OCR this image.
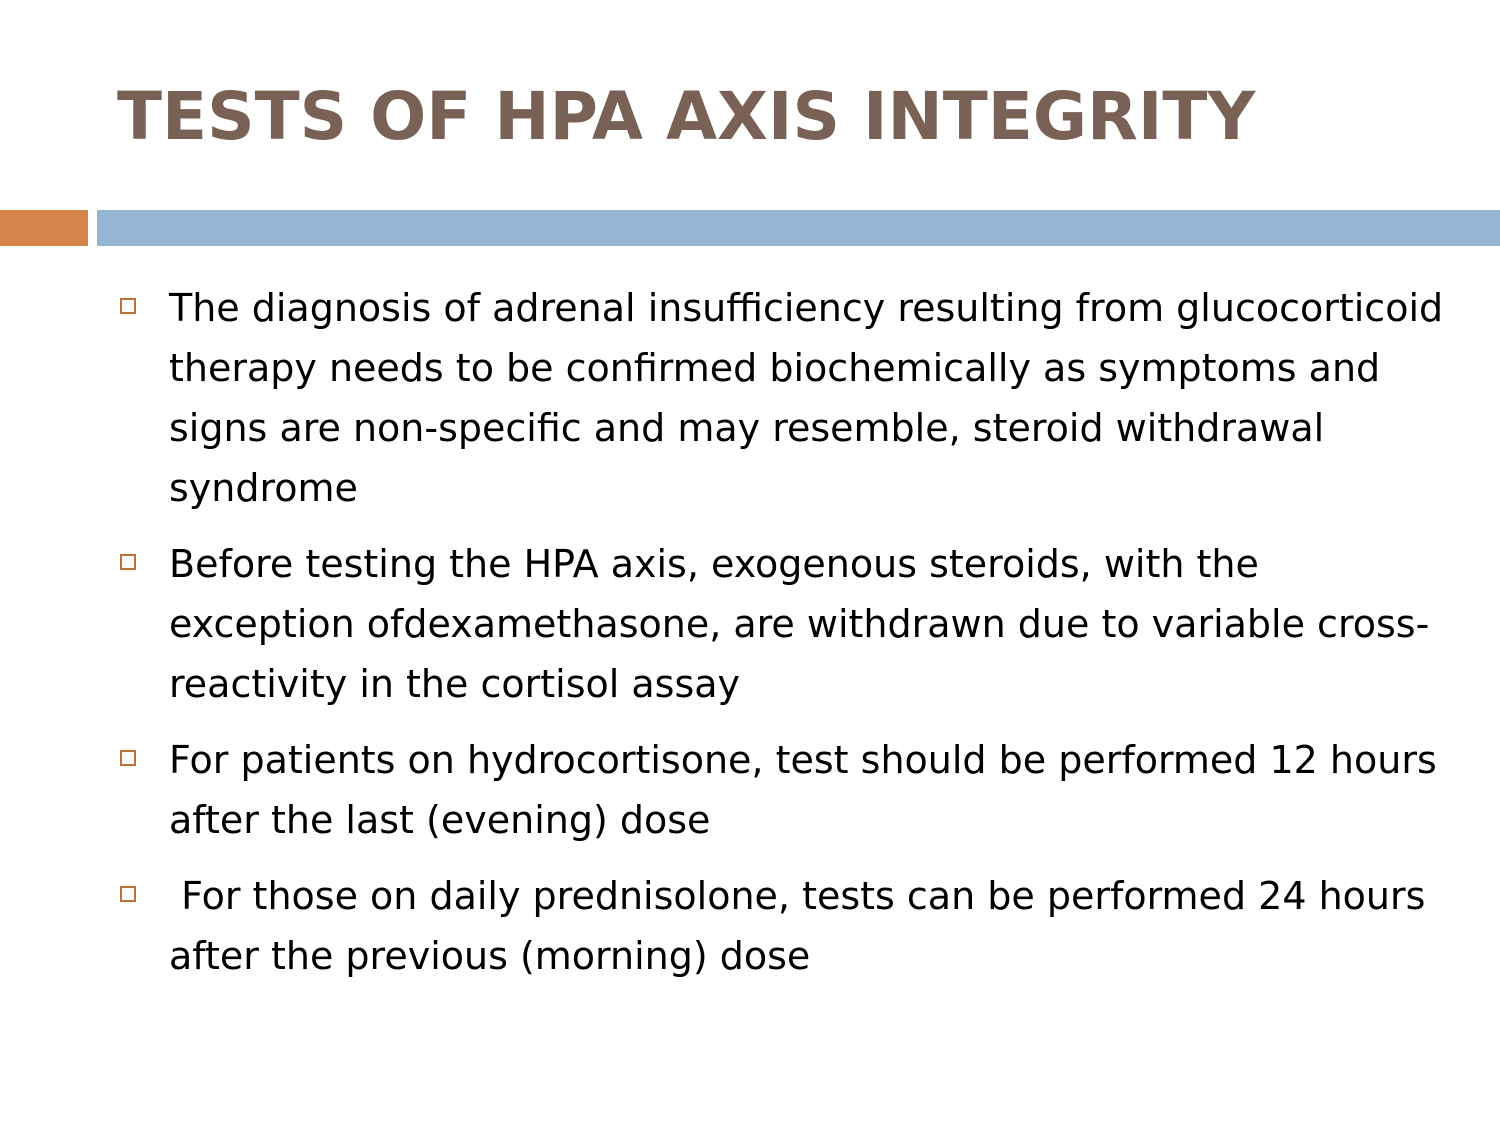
TESTS OF HPA AXIS INTEGRITY
The diagnosis of adrenal insufficiency resulting from glucocorticoid therapy needs to be confirmed biochemically as symptoms and signs are non-specific and may resemble, steroid withdrawal syndrome
Before testing the HPA axis, exogenous steroids, with the exception ofdexamethasone, are withdrawn due to variable cross-reactivity in the cortisol assay
For patients on hydrocortisone, test should be performed 12 hours after the last (evening) dose
For those on daily prednisolone, tests can be performed 24 hours after the previous (morning) dose
